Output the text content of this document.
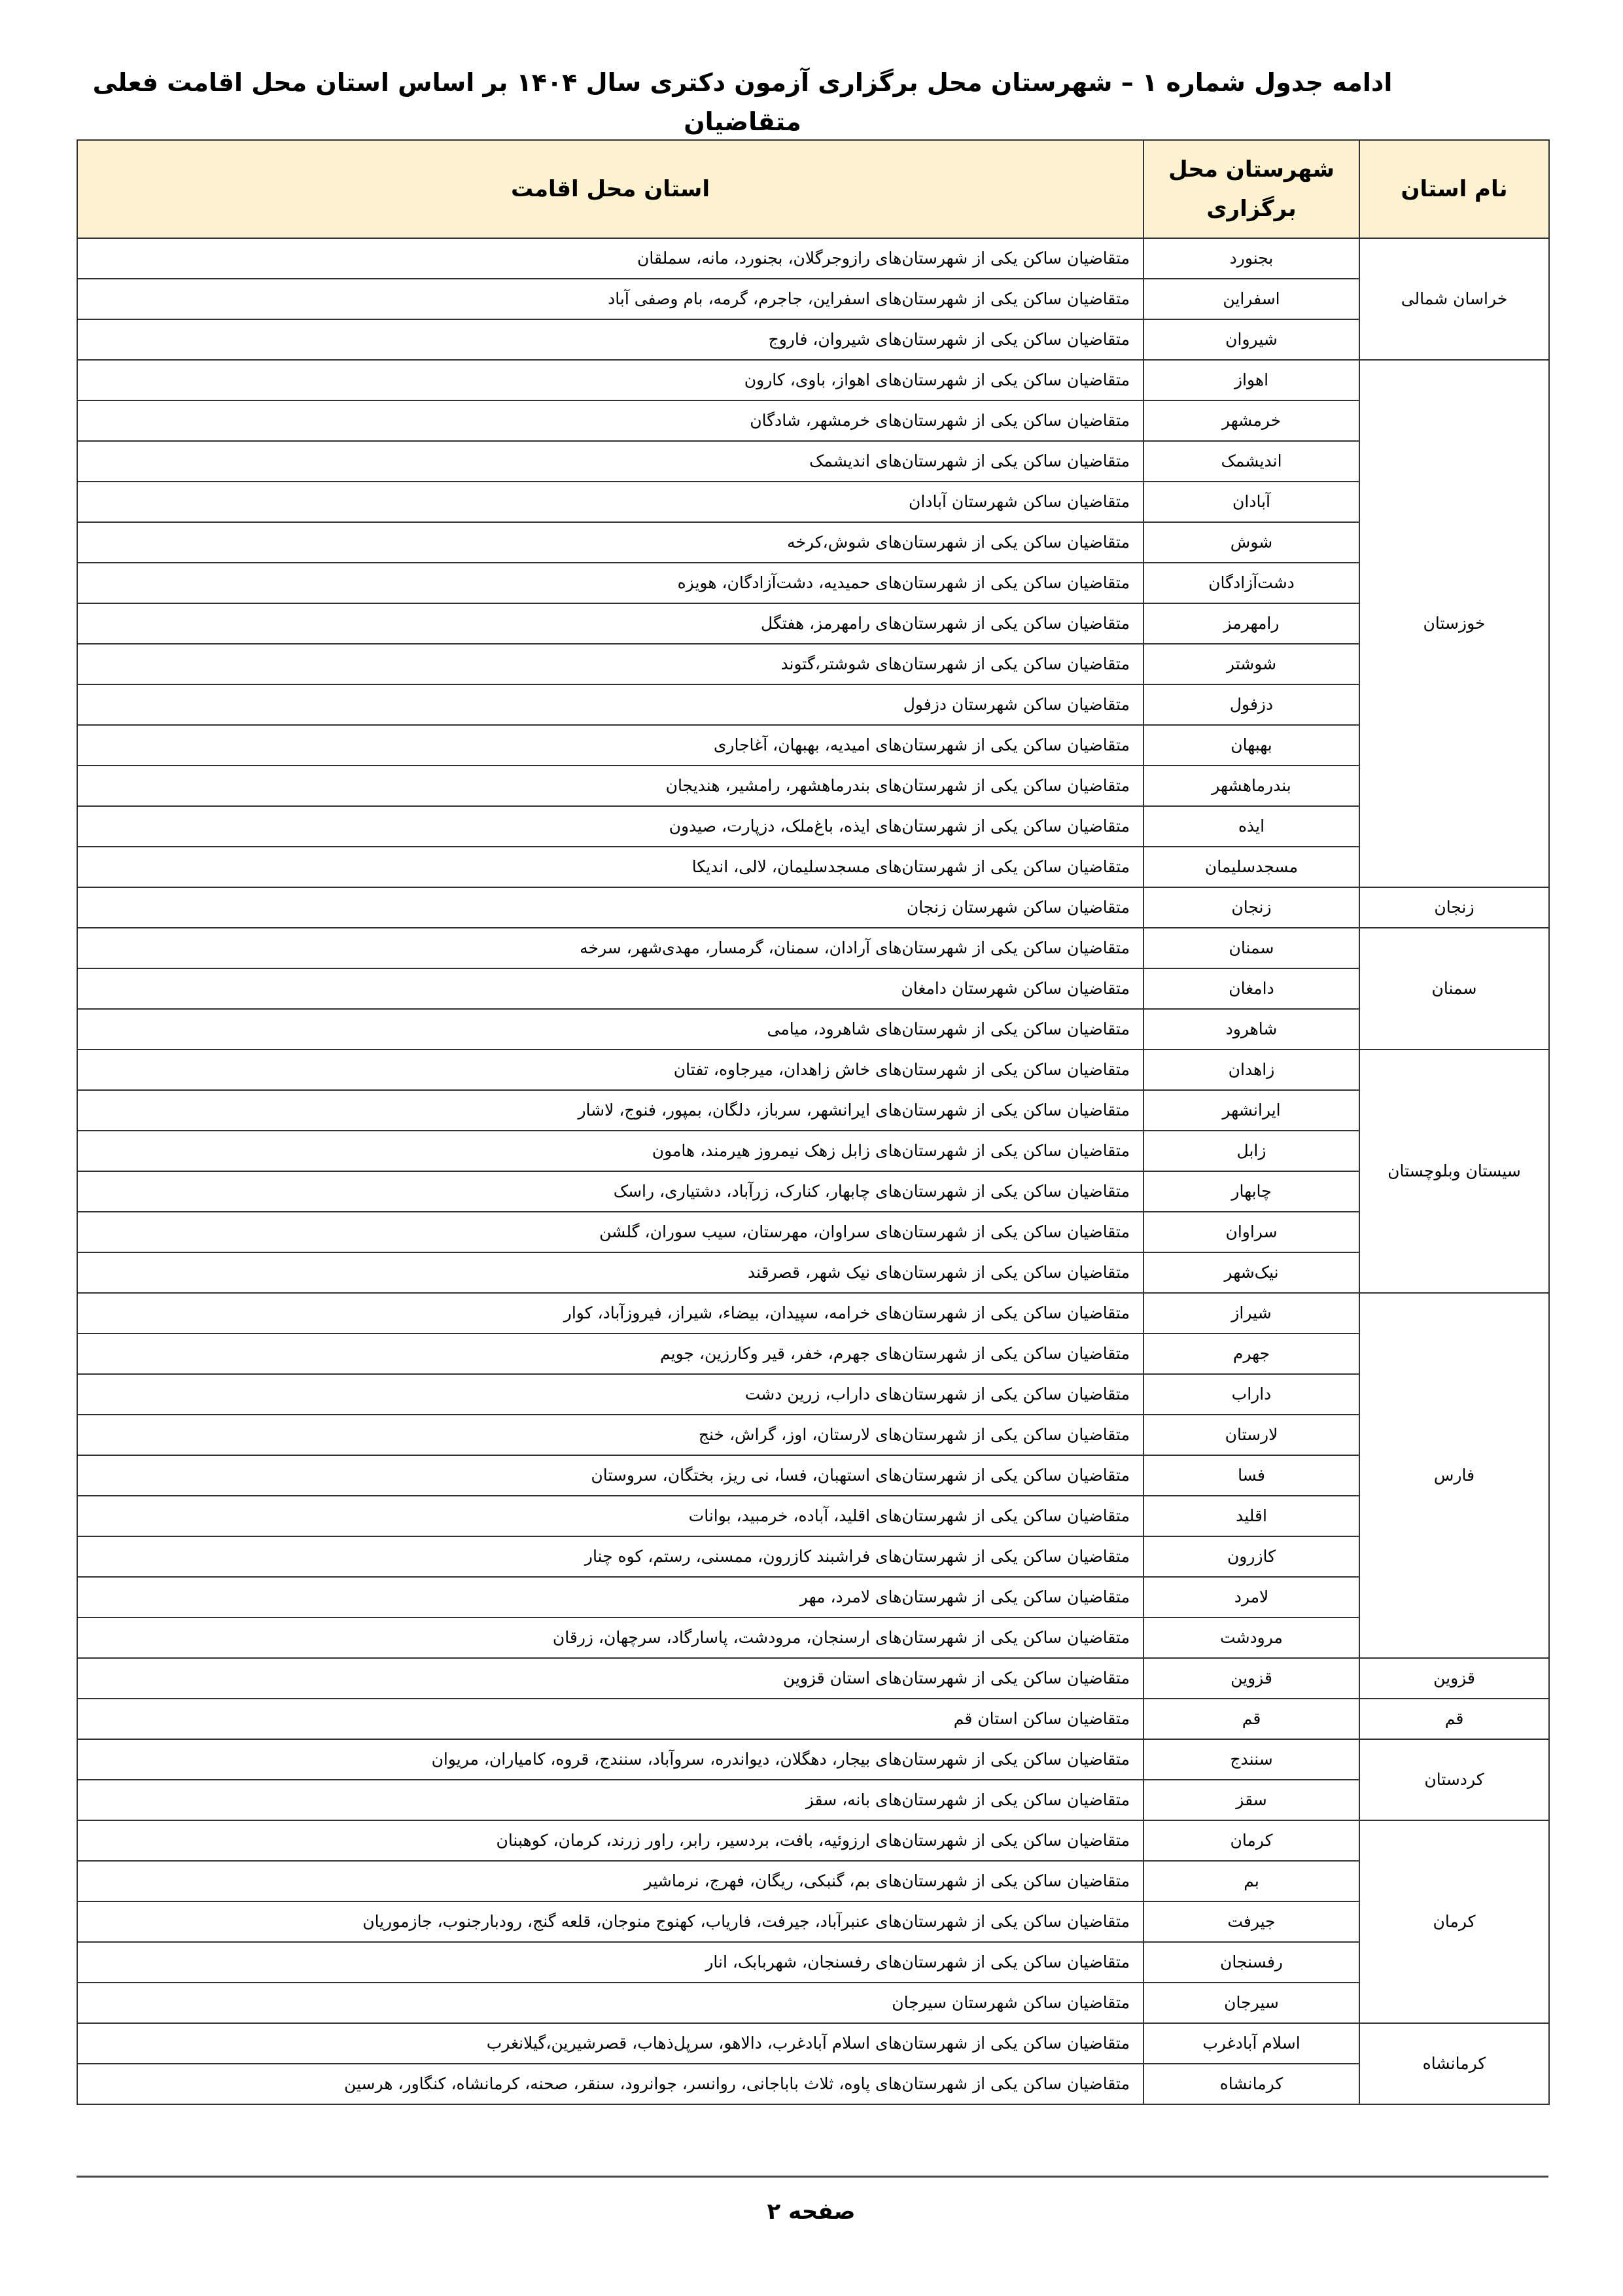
ادامه جدول شماره ۱ – شهرستان محل برگزاری آزمون دکتری سال ۱۴۰۴ بر اساس استان محل اقامت فعلی متقاضیان
نام استان	شهرستان محل برگزاری	استان محل اقامت
خراسان شمالی	بجنورد	متقاضیان ساکن یکی از شهرستان‌های رازوجرگلان، بجنورد، مانه، سملقان
	اسفراین	متقاضیان ساکن یکی از شهرستان‌های اسفراین، جاجرم، گرمه، بام وصفی آباد
	شیروان	متقاضیان ساکن یکی از شهرستان‌های شیروان، فاروج
خوزستان	اهواز	متقاضیان ساکن یکی از شهرستان‌های اهواز، باوی، کارون
	خرمشهر	متقاضیان ساکن یکی از شهرستان‌های خرمشهر، شادگان
	اندیشمک	متقاضیان ساکن یکی از شهرستان‌های اندیشمک
	آبادان	متقاضیان ساکن شهرستان آبادان
	شوش	متقاضیان ساکن یکی از شهرستان‌های شوش،کرخه
	دشت‌آزادگان	متقاضیان ساکن یکی از شهرستان‌های حمیدیه، دشت‌آزادگان، هویزه
	رامهرمز	متقاضیان ساکن یکی از شهرستان‌های رامهرمز، هفتگل
	شوشتر	متقاضیان ساکن یکی از شهرستان‌های شوشتر،گتوند
	دزفول	متقاضیان ساکن شهرستان دزفول
	بهبهان	متقاضیان ساکن یکی از شهرستان‌های امیدیه، بهبهان، آغاجاری
	بندرماهشهر	متقاضیان ساکن یکی از شهرستان‌های بندرماهشهر، رامشیر، هندیجان
	ایذه	متقاضیان ساکن یکی از شهرستان‌های ایذه، باغ‌ملک، دزپارت، صیدون
	مسجدسلیمان	متقاضیان ساکن یکی از شهرستان‌های مسجدسلیمان، لالی، اندیکا
زنجان	زنجان	متقاضیان ساکن شهرستان زنجان
سمنان	سمنان	متقاضیان ساکن یکی از شهرستان‌های آرادان، سمنان، گرمسار، مهدی‌شهر، سرخه
	دامغان	متقاضیان ساکن شهرستان دامغان
	شاهرود	متقاضیان ساکن یکی از شهرستان‌های شاهرود، میامی
سیستان وبلوچستان	زاهدان	متقاضیان ساکن یکی از شهرستان‌های خاش زاهدان، میرجاوه، تفتان
	ایرانشهر	متقاضیان ساکن یکی از شهرستان‌های ایرانشهر، سرباز، دلگان، بمپور، فنوج، لاشار
	زابل	متقاضیان ساکن یکی از شهرستان‌های زابل زهک نیمروز هیرمند، هامون
	چابهار	متقاضیان ساکن یکی از شهرستان‌های چابهار، کنارک، زرآباد، دشتیاری، راسک
	سراوان	متقاضیان ساکن یکی از شهرستان‌های سراوان، مهرستان، سیب سوران، گلشن
	نیک‌شهر	متقاضیان ساکن یکی از شهرستان‌های نیک شهر، قصرقند
فارس	شیراز	متقاضیان ساکن یکی از شهرستان‌های خرامه، سپیدان، بیضاء، شیراز، فیروزآباد، کوار
	جهرم	متقاضیان ساکن یکی از شهرستان‌های جهرم، خفر، قیر وکارزین، جویم
	داراب	متقاضیان ساکن یکی از شهرستان‌های داراب، زرین دشت
	لارستان	متقاضیان ساکن یکی از شهرستان‌های لارستان، اوز، گراش، خنج
	فسا	متقاضیان ساکن یکی از شهرستان‌های استهبان، فسا، نی ریز، بختگان، سروستان
	اقلید	متقاضیان ساکن یکی از شهرستان‌های اقلید، آباده، خرمبید، بوانات
	کازرون	متقاضیان ساکن یکی از شهرستان‌های فراشبند کازرون، ممسنی، رستم، کوه چنار
	لامرد	متقاضیان ساکن یکی از شهرستان‌های لامرد، مهر
	مرودشت	متقاضیان ساکن یکی از شهرستان‌های ارسنجان، مرودشت، پاسارگاد، سرچهان، زرقان
قزوین	قزوین	متقاضیان ساکن یکی از شهرستان‌های استان قزوین
قم	قم	متقاضیان ساکن استان قم
کردستان	سنندج	متقاضیان ساکن یکی از شهرستان‌های بیجار، دهگلان، دیواندره، سروآباد، سنندج، قروه، کامیاران، مریوان
	سقز	متقاضیان ساکن یکی از شهرستان‌های بانه، سقز
کرمان	کرمان	متقاضیان ساکن یکی از شهرستان‌های ارزوئیه، بافت، بردسیر، رابر، راور زرند، کرمان، کوهبنان
	بم	متقاضیان ساکن یکی از شهرستان‌های بم، گنبکی، ریگان، فهرج، نرماشیر
	جیرفت	متقاضیان ساکن یکی از شهرستان‌های عنبرآباد، جیرفت، فاریاب، کهنوج منوجان، قلعه گنج، رودبارجنوب، جازموریان
	رفسنجان	متقاضیان ساکن یکی از شهرستان‌های رفسنجان، شهربابک، انار
	سیرجان	متقاضیان ساکن شهرستان سیرجان
کرمانشاه	اسلام آبادغرب	متقاضیان ساکن یکی از شهرستان‌های اسلام آبادغرب، دالاهو، سرپل‌ذهاب، قصرشیرین،گیلانغرب
	کرمانشاه	متقاضیان ساکن یکی از شهرستان‌های پاوه، ثلاث باباجانی، روانسر، جوانرود، سنقر، صحنه، کرمانشاه، کنگاور، هرسین
صفحه ۲
